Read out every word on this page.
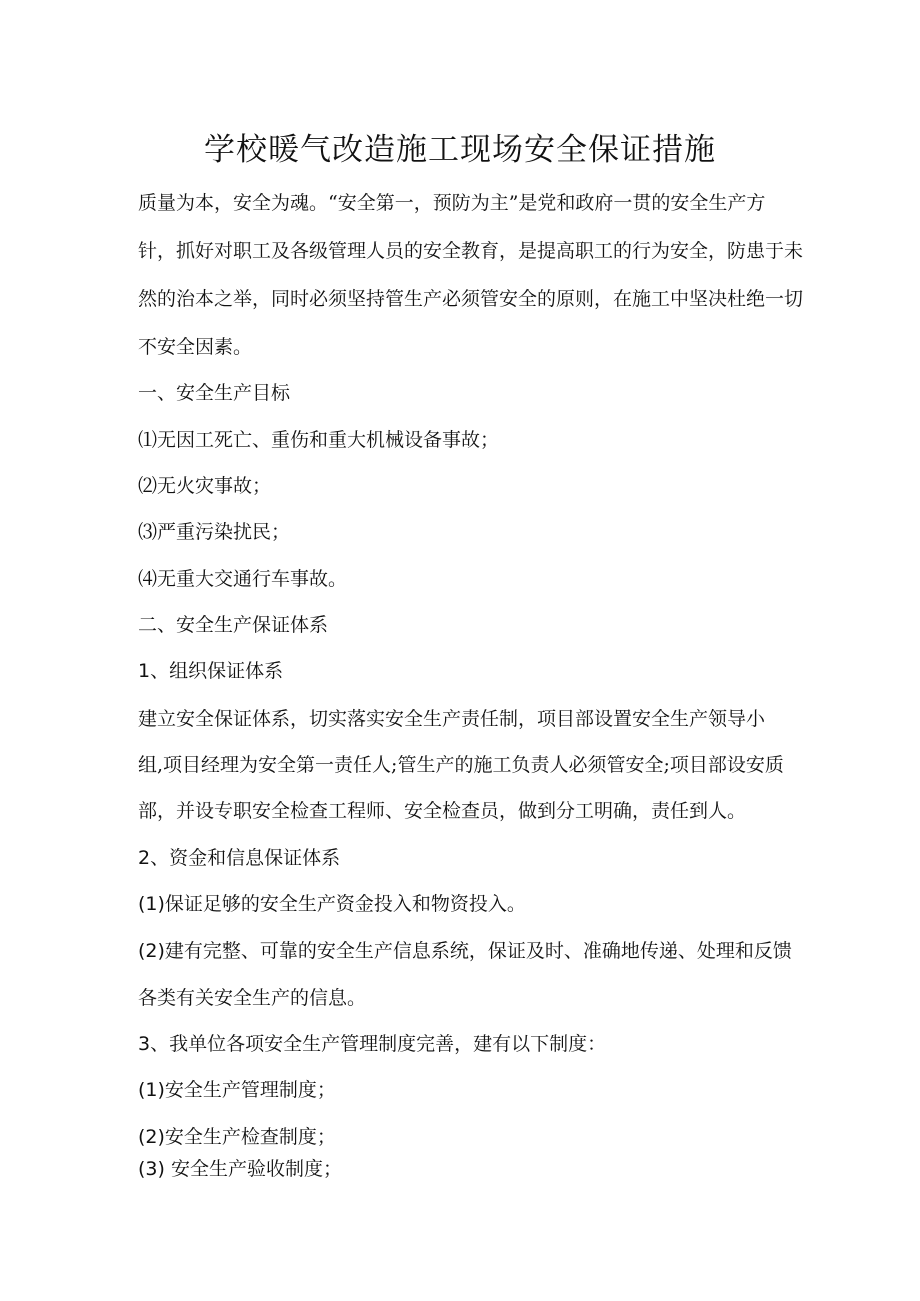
学校暖气改造施工现场安全保证措施
质量为本，安全为魂。“安全第一，预防为主”是党和政府一贯的安全生产方
针，抓好对职工及各级管理人员的安全教育，是提高职工的行为安全，防患于未
然的治本之举，同时必须坚持管生产必须管安全的原则，在施工中坚决杜绝一切
不安全因素。
一、安全生产目标
⑴无因工死亡、重伤和重大机械设备事故；
⑵无火灾事故；
⑶严重污染扰民；
⑷无重大交通行车事故。
二、安全生产保证体系
1、组织保证体系
建立安全保证体系，切实落实安全生产责任制，项目部设置安全生产领导小
组,项目经理为安全第一责任人;管生产的施工负责人必须管安全;项目部设安质
部，并设专职安全检查工程师、安全检查员，做到分工明确，责任到人。
2、资金和信息保证体系
(1)保证足够的安全生产资金投入和物资投入。
(2)建有完整、可靠的安全生产信息系统，保证及时、准确地传递、处理和反馈
各类有关安全生产的信息。
3、我单位各项安全生产管理制度完善，建有以下制度：
(1)安全生产管理制度；
(2)安全生产检查制度；
(3) 安全生产验收制度；
